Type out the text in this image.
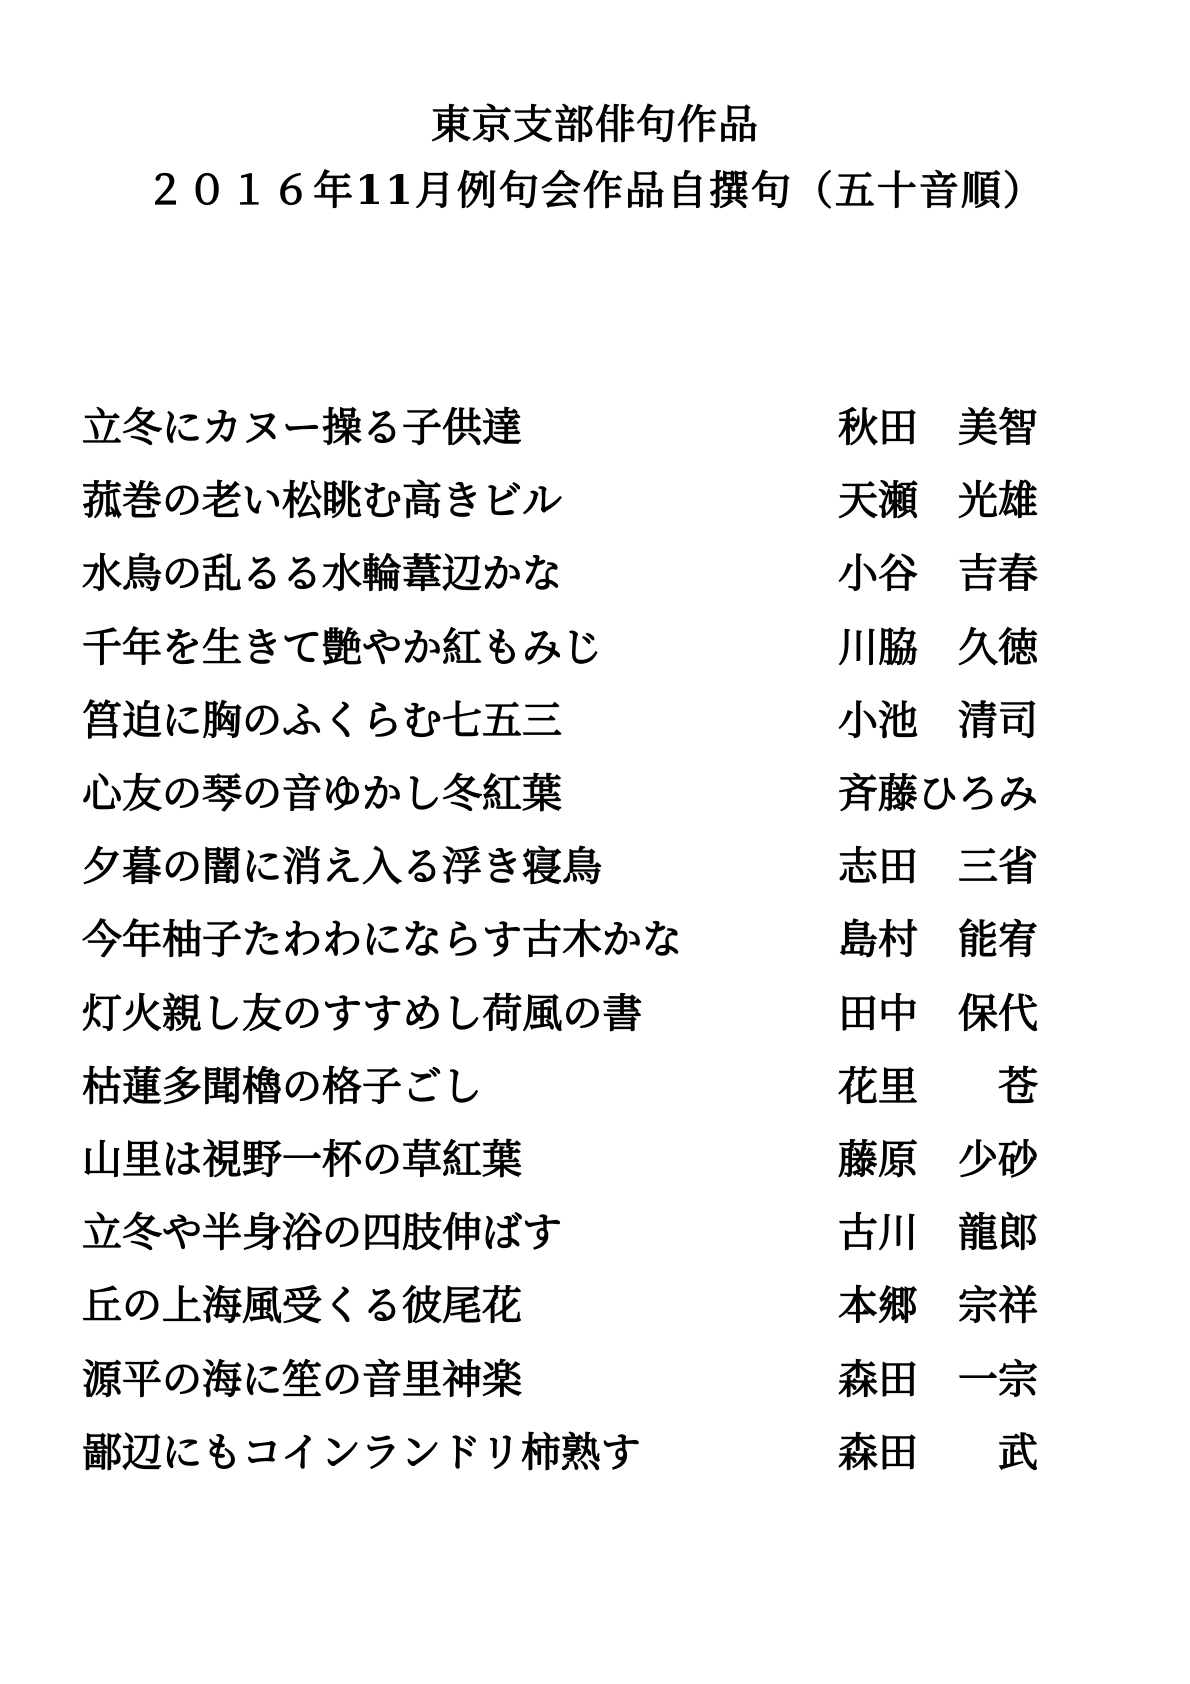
東京支部俳句作品
２０１６年11月例句会作品自撰句（五十音順）
立冬にカヌー操る子供達	秋田　美智
菰巻の老い松眺む高きビル	天瀬　光雄
水鳥の乱るる水輪葦辺かな	小谷　吉春
千年を生きて艶やか紅もみじ	川脇　久徳
筥迫に胸のふくらむ七五三	小池　清司
心友の琴の音ゆかし冬紅葉	斉藤ひろみ
夕暮の闇に消え入る浮き寝鳥	志田　三省
今年柚子たわわにならす古木かな	島村　能宥
灯火親し友のすすめし荷風の書	田中　保代
枯蓮多聞櫓の格子ごし	花里　　苍
山里は視野一杯の草紅葉	藤原　少砂
立冬や半身浴の四肢伸ばす	古川　龍郎
丘の上海風受くる彼尾花	本郷　宗祥
源平の海に笙の音里神楽	森田　一宗
鄙辺にもコインランドリ柿熟す	森田　　武
